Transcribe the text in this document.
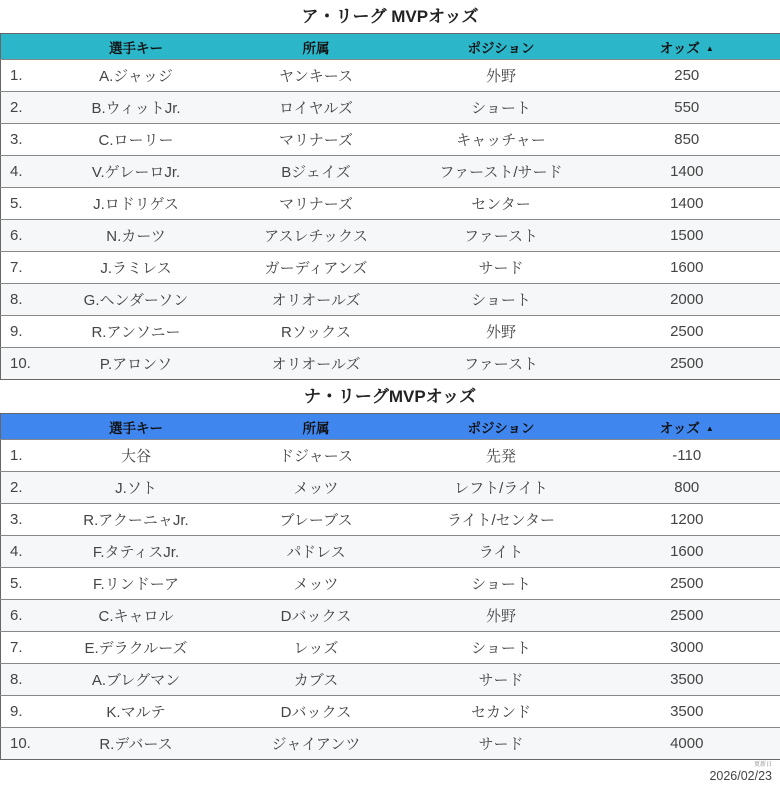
ア・リーグ MVPオッズ
	選手キー	所属	ポジション	オッズ ▲
1.	A.ジャッジ	ヤンキース	外野	250
2.	B.ウィットJr.	ロイヤルズ	ショート	550
3.	C.ローリー	マリナーズ	キャッチャー	850
4.	V.ゲレーロJr.	Bジェイズ	ファースト/サード	1400
5.	J.ロドリゲス	マリナーズ	センター	1400
6.	N.カーツ	アスレチックス	ファースト	1500
7.	J.ラミレス	ガーディアンズ	サード	1600
8.	G.ヘンダーソン	オリオールズ	ショート	2000
9.	R.アンソニー	Rソックス	外野	2500
10.	P.アロンソ	オリオールズ	ファースト	2500
ナ・リーグMVPオッズ
	選手キー	所属	ポジション	オッズ ▲
1.	大谷	ドジャース	先発	-110
2.	J.ソト	メッツ	レフト/ライト	800
3.	R.アクーニャJr.	ブレーブス	ライト/センター	1200
4.	F.タティスJr.	パドレス	ライト	1600
5.	F.リンドーア	メッツ	ショート	2500
6.	C.キャロル	Dバックス	外野	2500
7.	E.デラクルーズ	レッズ	ショート	3000
8.	A.ブレグマン	カブス	サード	3500
9.	K.マルテ	Dバックス	セカンド	3500
10.	R.デバース	ジャイアンツ	サード	4000
更新日
2026/02/23
